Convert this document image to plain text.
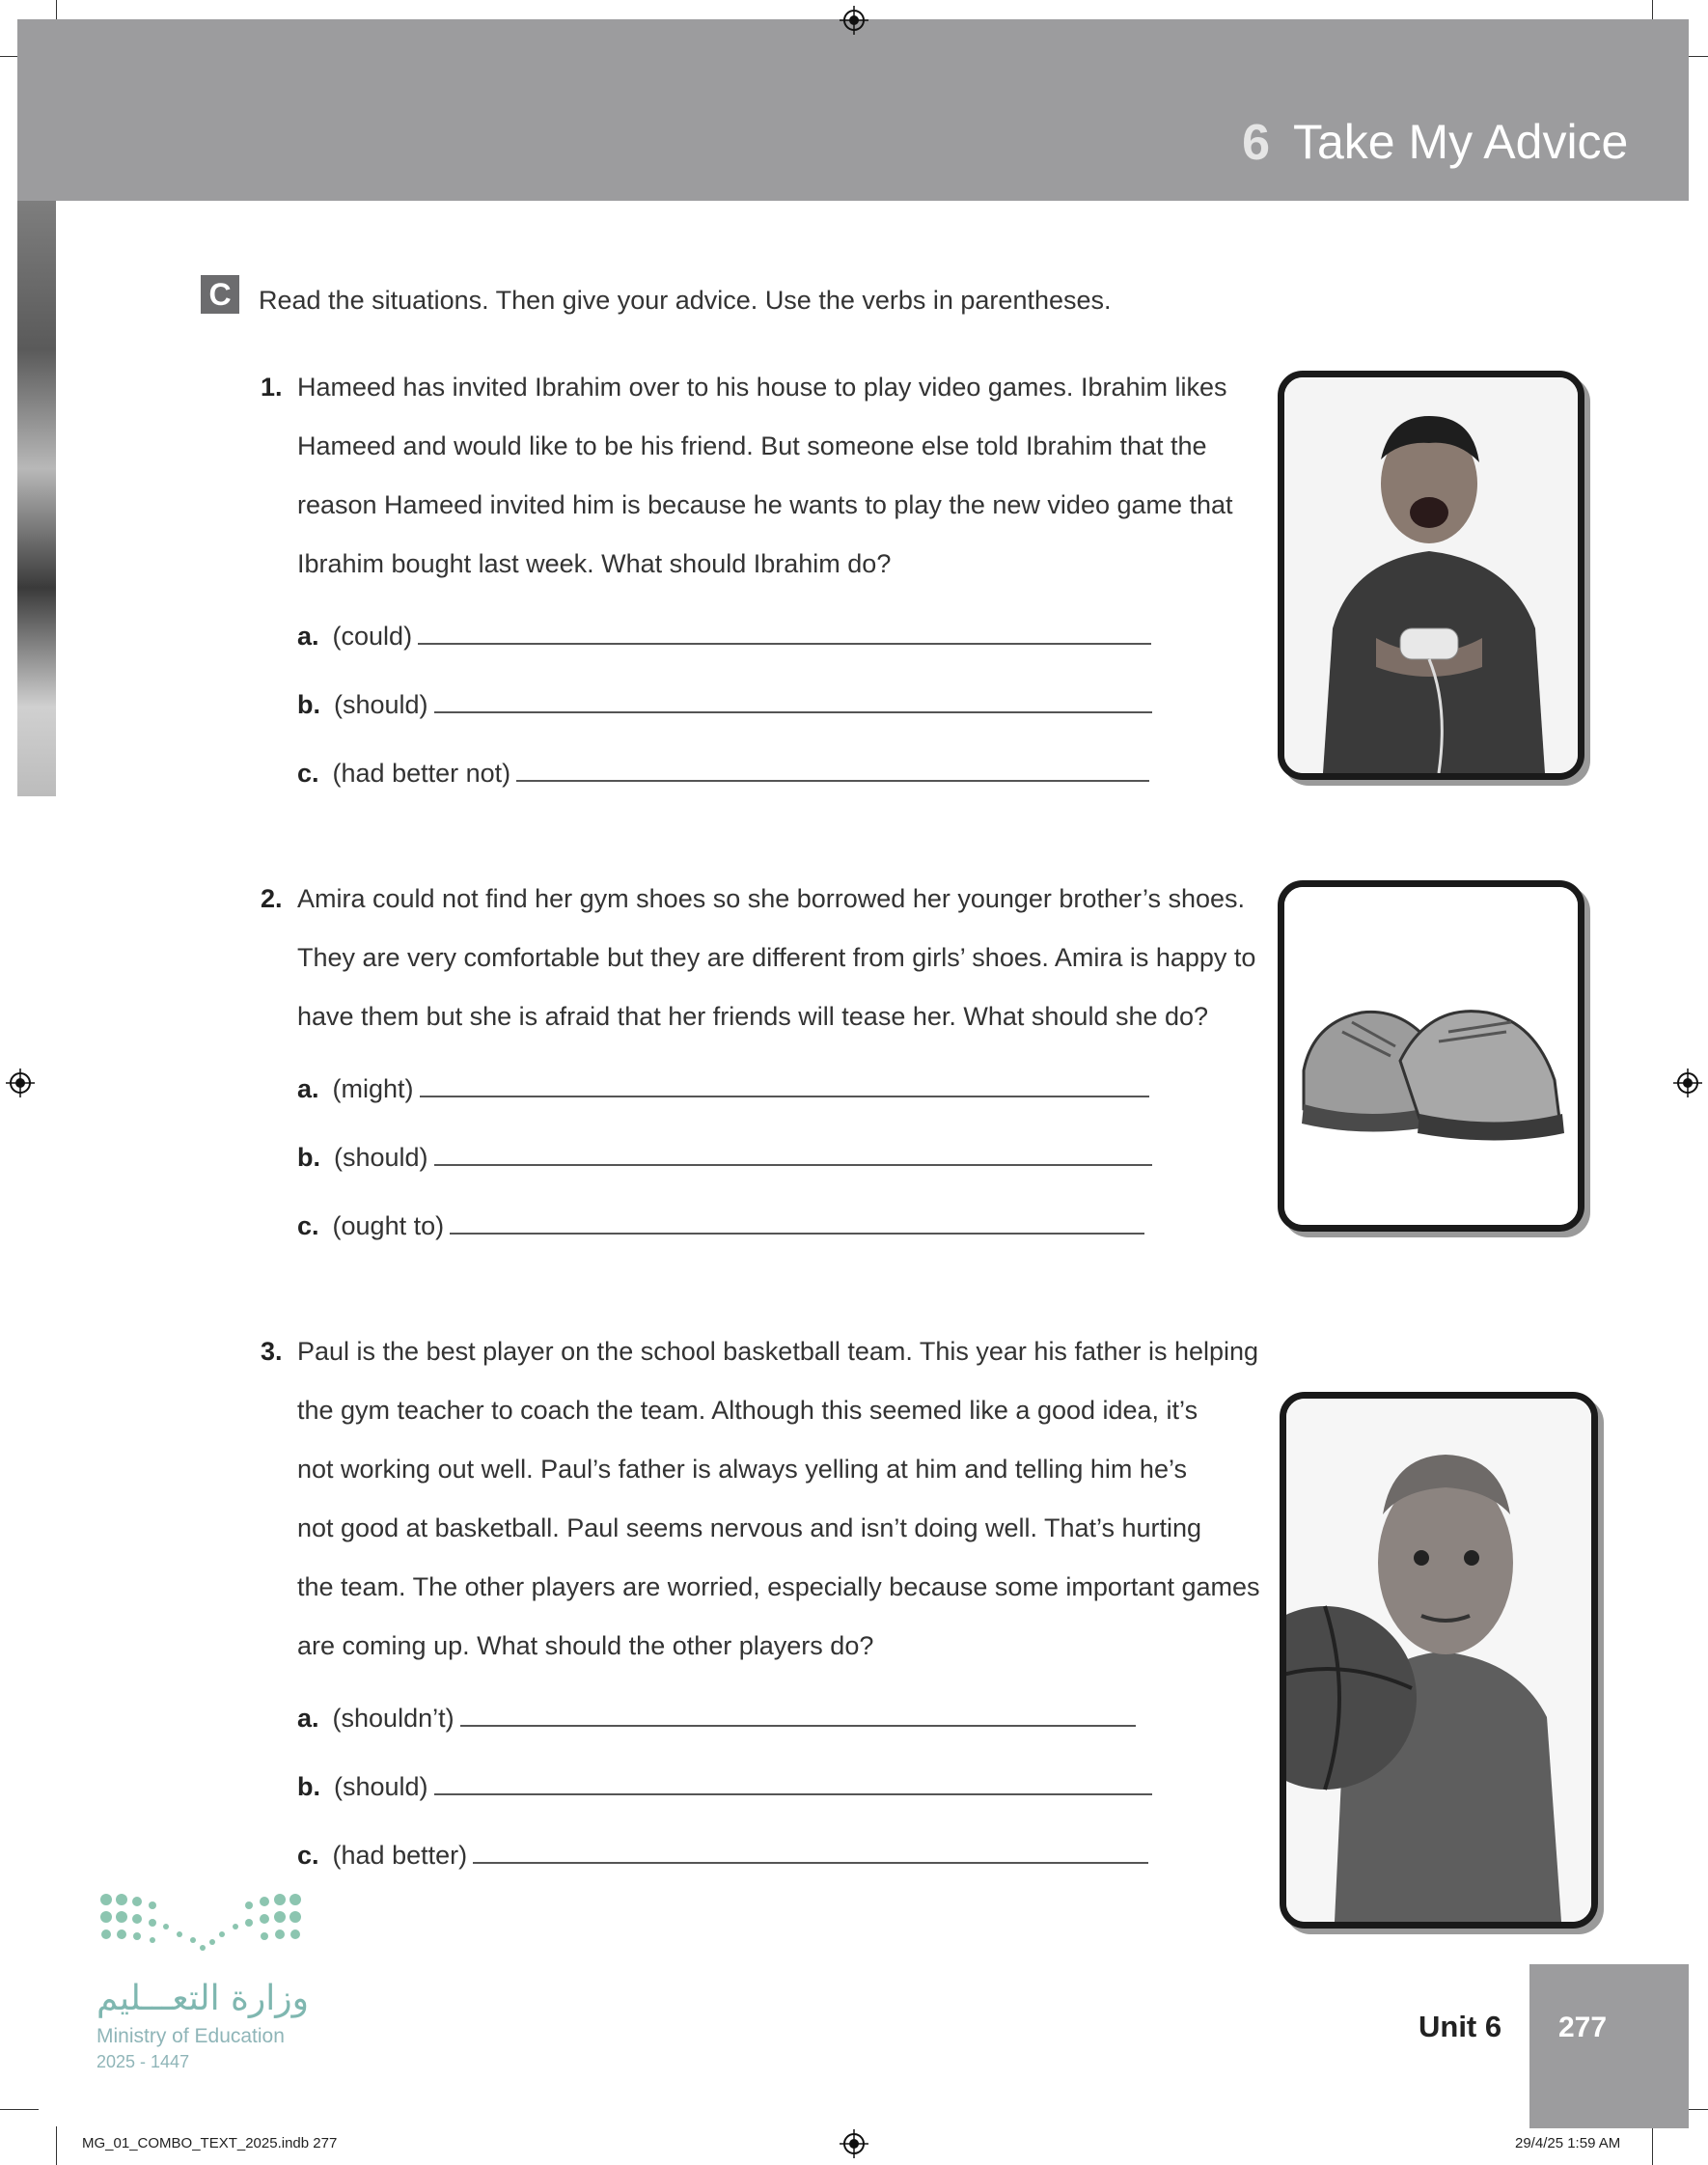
6 Take My Advice
C	Read the situations. Then give your advice. Use the verbs in parentheses.
1. Hameed has invited Ibrahim over to his house to play video games. Ibrahim likes
Hameed and would like to be his friend. But someone else told Ibrahim that the
reason Hameed invited him is because he wants to play the new video game that
Ibrahim bought last week. What should Ibrahim do?
a. (could)
b. (should)
c. (had better not)
2. Amira could not find her gym shoes so she borrowed her younger brother’s shoes.
They are very comfortable but they are different from girls’ shoes. Amira is happy to
have them but she is afraid that her friends will tease her. What should she do?
a. (might)
b. (should)
c. (ought to)
3. Paul is the best player on the school basketball team. This year his father is helping
the gym teacher to coach the team. Although this seemed like a good idea, it’s
not working out well. Paul’s father is always yelling at him and telling him he’s
not good at basketball. Paul seems nervous and isn’t doing well. That’s hurting
the team. The other players are worried, especially because some important games
are coming up. What should the other players do?
a. (shouldn’t)
b. (should)
c. (had better)
وزارة التعـــليم
Ministry of Education
2025 - 1447
Unit 6 277
MG_01_COMBO_TEXT_2025.indb 277	29/4/25 1:59 AM
